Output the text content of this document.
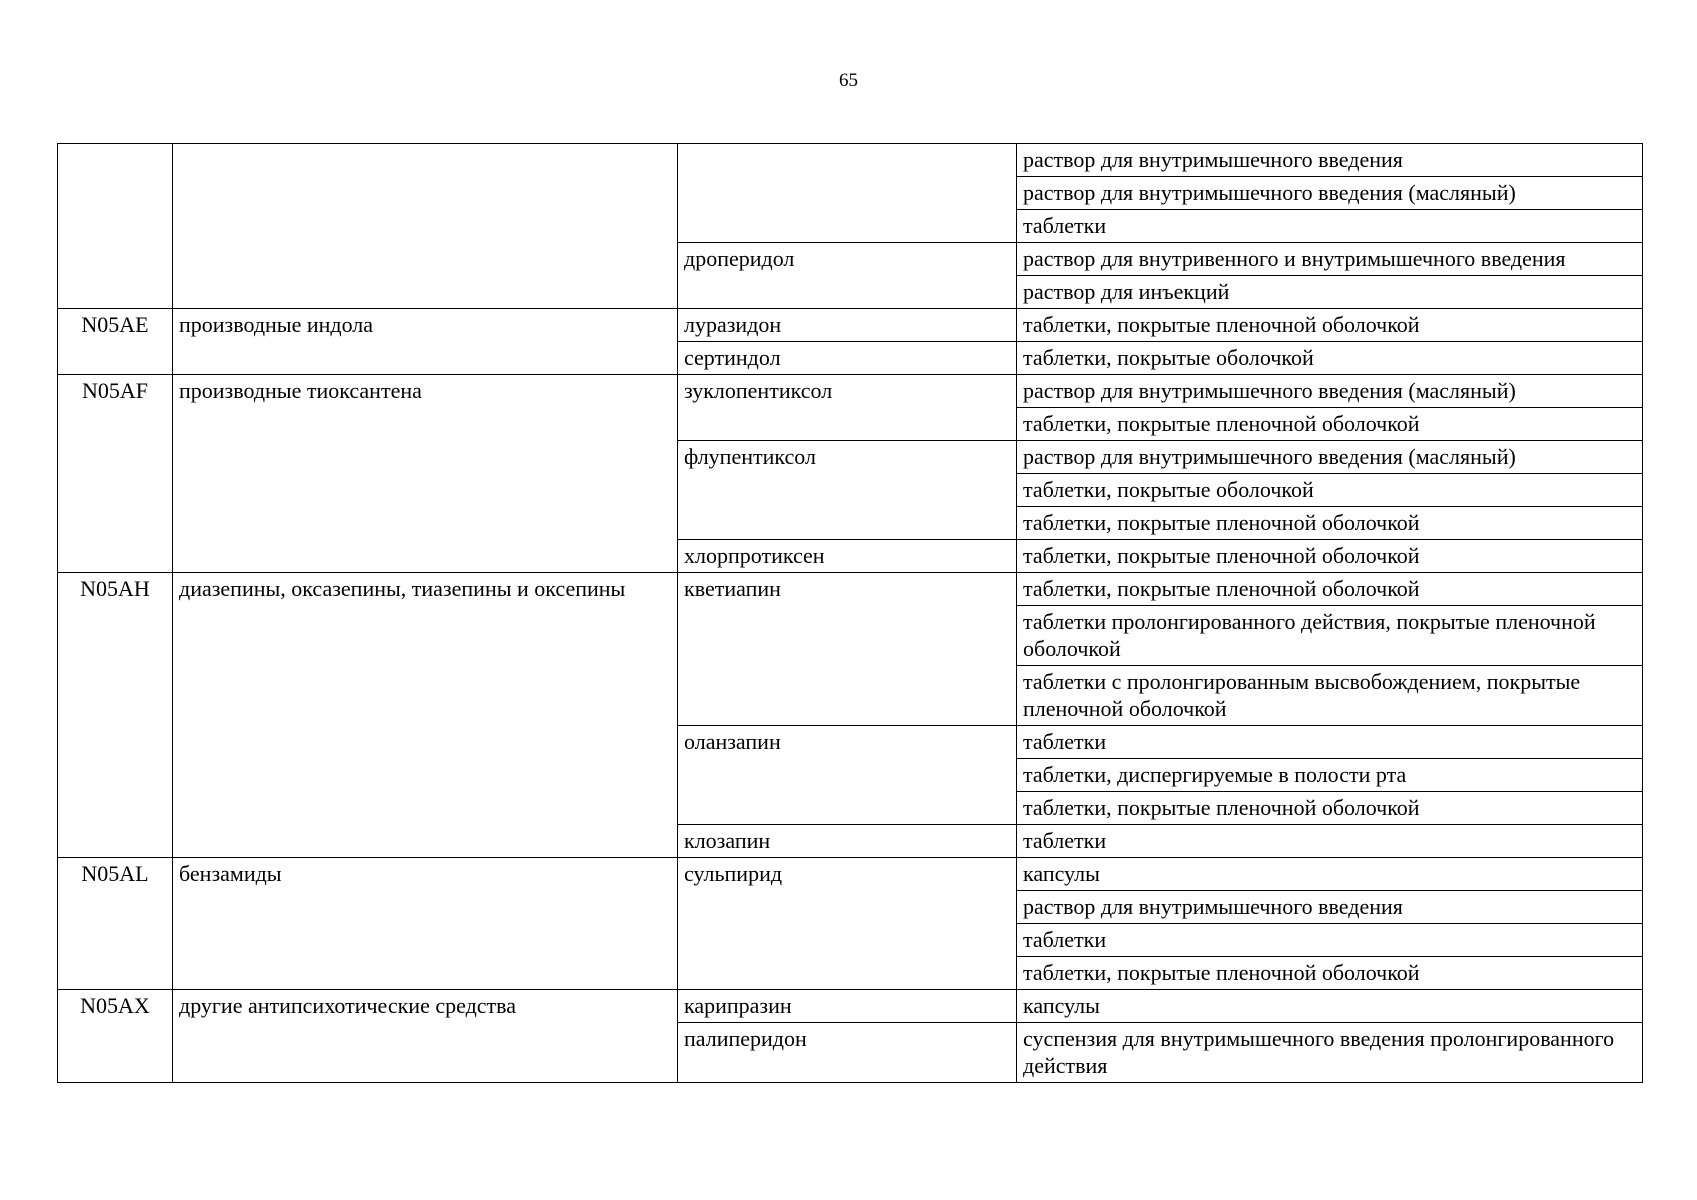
65
			раствор для внутримышечного введения
			раствор для внутримышечного введения (масляный)
			таблетки
		дроперидол	раствор для внутривенного и внутримышечного введения
			раствор для инъекций
N05AE	производные индола	луразидон	таблетки, покрытые пленочной оболочкой
		сертиндол	таблетки, покрытые оболочкой
N05AF	производные тиоксантена	зуклопентиксол	раствор для внутримышечного введения (масляный)
			таблетки, покрытые пленочной оболочкой
		флупентиксол	раствор для внутримышечного введения (масляный)
			таблетки, покрытые оболочкой
			таблетки, покрытые пленочной оболочкой
		хлорпротиксен	таблетки, покрытые пленочной оболочкой
N05AH	диазепины, оксазепины, тиазепины и оксепины	кветиапин	таблетки, покрытые пленочной оболочкой
			таблетки пролонгированного действия, покрытые пленочной оболочкой
			таблетки с пролонгированным высвобождением, покрытые пленочной оболочкой
		оланзапин	таблетки
			таблетки, диспергируемые в полости рта
			таблетки, покрытые пленочной оболочкой
		клозапин	таблетки
N05AL	бензамиды	сульпирид	капсулы
			раствор для внутримышечного введения
			таблетки
			таблетки, покрытые пленочной оболочкой
N05AX	другие антипсихотические средства	карипразин	капсулы
		палиперидон	суспензия для внутримышечного введения пролонгированного действия
